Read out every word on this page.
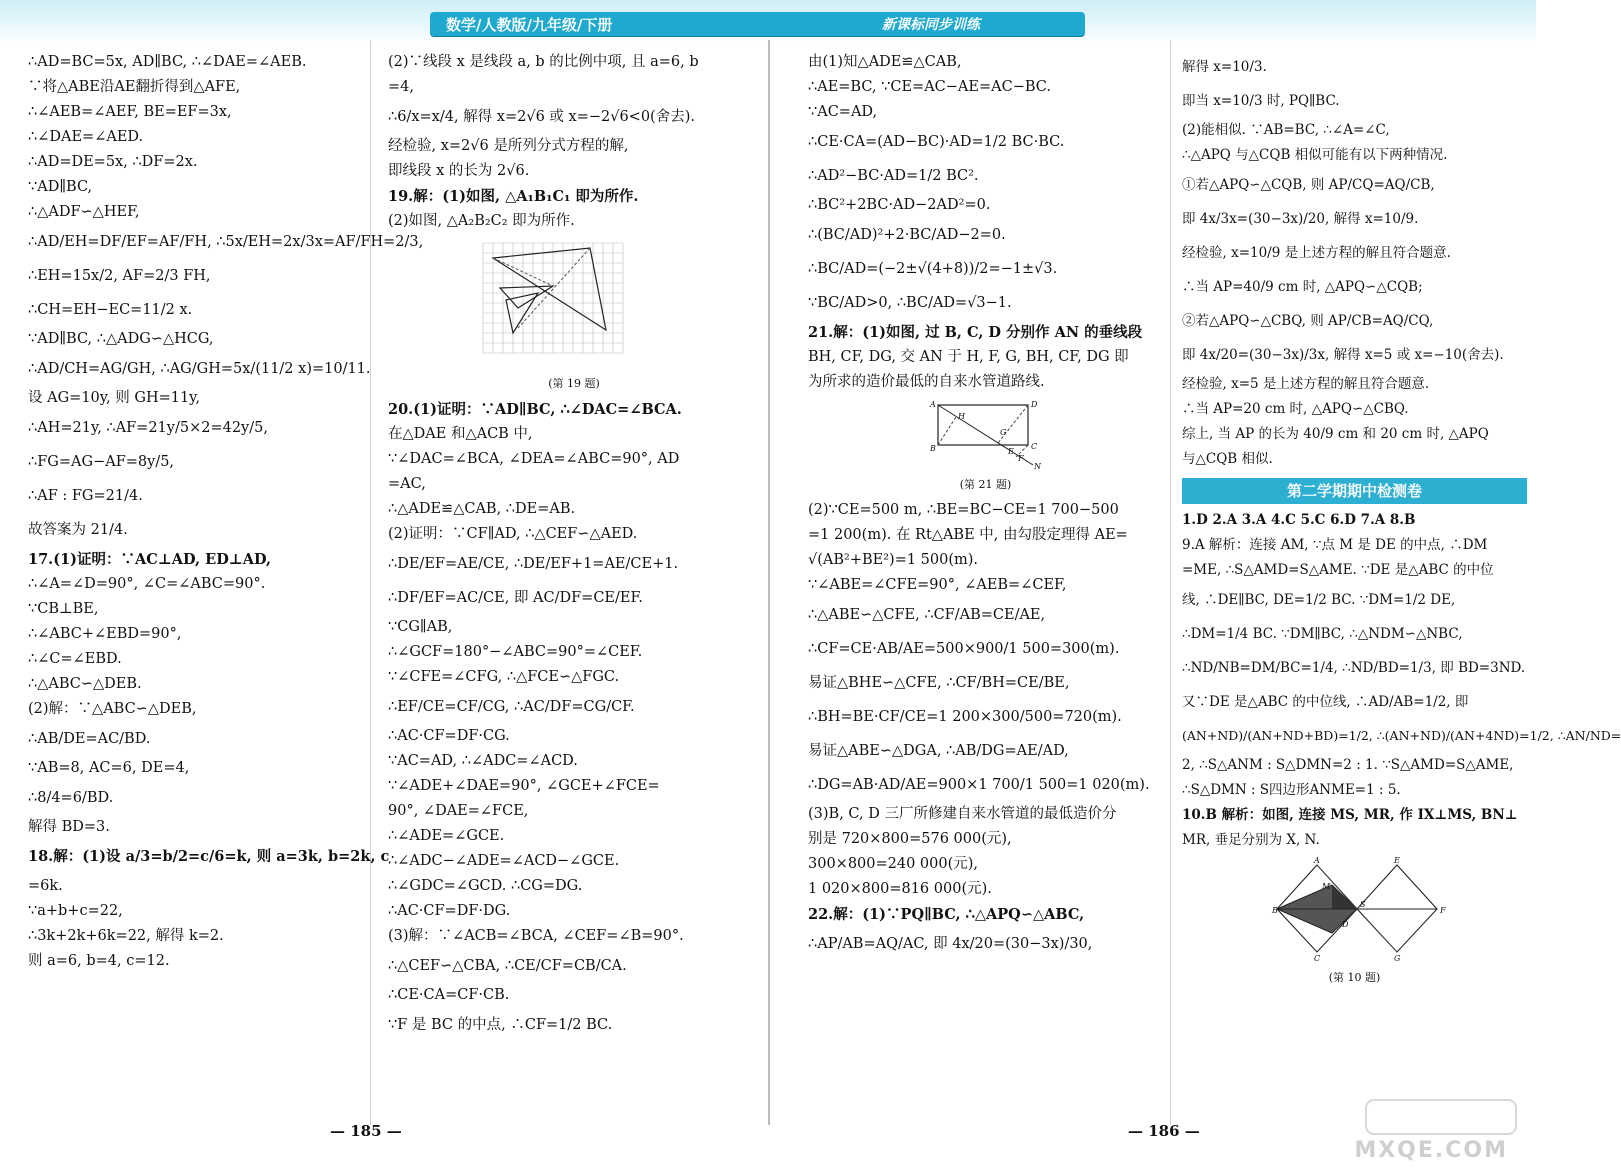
数学/人教版/九年级/下册	新课标同步训练

∴AD=BC=5x, AD∥BC, ∴∠DAE=∠AEB.

∵将△ABE沿AE翻折得到△AFE,

∴∠AEB=∠AEF, BE=EF=3x,

∴∠DAE=∠AED.

∴AD=DE=5x, ∴DF=2x.

∵AD∥BC,

∴△ADF∽△HEF,

∴AD/EH=DF/EF=AF/FH, ∴5x/EH=2x/3x=AF/FH=2/3,

∴EH=15x/2, AF=2/3 FH,

∴CH=EH−EC=11/2 x.

∵AD∥BC, ∴△ADG∽△HCG,

∴AD/CH=AG/GH, ∴AG/GH=5x/(11/2 x)=10/11.

设 AG=10y, 则 GH=11y,

∴AH=21y, ∴AF=21y/5×2=42y/5,

∴FG=AG−AF=8y/5,

∴AF : FG=21/4.

故答案为 21/4.

17.(1)证明：∵AC⊥AD, ED⊥AD,

∴∠A=∠D=90°, ∠C=∠ABC=90°.

∵CB⊥BE,

∴∠ABC+∠EBD=90°,

∴∠C=∠EBD.

∴△ABC∽△DEB.

(2)解：∵△ABC∽△DEB,

∴AB/DE=AC/BD.

∵AB=8, AC=6, DE=4,

∴8/4=6/BD.

解得 BD=3.

18.解：(1)设 a/3=b/2=c/6=k, 则 a=3k, b=2k, c

=6k.

∵a+b+c=22,

∴3k+2k+6k=22, 解得 k=2.

则 a=6, b=4, c=12.

(2)∵线段 x 是线段 a, b 的比例中项, 且 a=6, b

=4,

∴6/x=x/4, 解得 x=2√6 或 x=−2√6<0(舍去).

经检验, x=2√6 是所列分式方程的解,

即线段 x 的长为 2√6.

19.解：(1)如图, △A₁B₁C₁ 即为所作.

(2)如图, △A₂B₂C₂ 即为所作.

(第 19 题)

20.(1)证明：∵AD∥BC, ∴∠DAC=∠BCA.

在△DAE 和△ACB 中,

∵∠DAC=∠BCA, ∠DEA=∠ABC=90°, AD

=AC,

∴△ADE≌△CAB, ∴DE=AB.

(2)证明：∵CF∥AD, ∴△CEF∽△AED.

∴DE/EF=AE/CE, ∴DE/EF+1=AE/CE+1.

∴DF/EF=AC/CE, 即 AC/DF=CE/EF.

∵CG∥AB,

∴∠GCF=180°−∠ABC=90°=∠CEF.

∵∠CFE=∠CFG, ∴△FCE∽△FGC.

∴EF/CE=CF/CG, ∴AC/DF=CG/CF.

∴AC·CF=DF·CG.

∵AC=AD, ∴∠ADC=∠ACD.

∵∠ADE+∠DAE=90°, ∠GCE+∠FCE=

90°, ∠DAE=∠FCE,

∴∠ADE=∠GCE.

∴∠ADC−∠ADE=∠ACD−∠GCE.

∴∠GDC=∠GCD. ∴CG=DG.

∴AC·CF=DF·DG.

(3)解：∵∠ACB=∠BCA, ∠CEF=∠B=90°.

∴△CEF∽△CBA, ∴CE/CF=CB/CA.

∴CE·CA=CF·CB.

∵F 是 BC 的中点, ∴CF=1/2 BC.

由(1)知△ADE≌△CAB,

∴AE=BC, ∵CE=AC−AE=AC−BC.

∵AC=AD,

∴CE·CA=(AD−BC)·AD=1/2 BC·BC.

∴AD²−BC·AD=1/2 BC².

∴BC²+2BC·AD−2AD²=0.

∴(BC/AD)²+2·BC/AD−2=0.

∴BC/AD=(−2±√(4+8))/2=−1±√3.

∵BC/AD>0, ∴BC/AD=√3−1.

21.解：(1)如图, 过 B, C, D 分别作 AN 的垂线段

BH, CF, DG, 交 AN 于 H, F, G, BH, CF, DG 即

为所求的造价最低的自来水管道路线.

A	D
B	C
H
G
E
F
N
(第 21 题)

(2)∵CE=500 m, ∴BE=BC−CE=1 700−500

=1 200(m). 在 Rt△ABE 中, 由勾股定理得 AE=

√(AB²+BE²)=1 500(m).

∵∠ABE=∠CFE=90°, ∠AEB=∠CEF,

∴△ABE∽△CFE, ∴CF/AB=CE/AE,

∴CF=CE·AB/AE=500×900/1 500=300(m).

易证△BHE∽△CFE, ∴CF/BH=CE/BE,

∴BH=BE·CF/CE=1 200×300/500=720(m).

易证△ABE∽△DGA, ∴AB/DG=AE/AD,

∴DG=AB·AD/AE=900×1 700/1 500=1 020(m).

(3)B, C, D 三厂所修建自来水管道的最低造价分

别是 720×800=576 000(元),

300×800=240 000(元),

1 020×800=816 000(元).

22.解：(1)∵PQ∥BC, ∴△APQ∽△ABC,

∴AP/AB=AQ/AC, 即 4x/20=(30−3x)/30,

解得 x=10/3.

即当 x=10/3 时, PQ∥BC.

(2)能相似. ∵AB=BC, ∴∠A=∠C,

∴△APQ 与△CQB 相似可能有以下两种情况.

①若△APQ∽△CQB, 则 AP/CQ=AQ/CB,

即 4x/3x=(30−3x)/20, 解得 x=10/9.

经检验, x=10/9 是上述方程的解且符合题意.

∴当 AP=40/9 cm 时, △APQ∽△CQB;

②若△APQ∽△CBQ, 则 AP/CB=AQ/CQ,

即 4x/20=(30−3x)/3x, 解得 x=5 或 x=−10(舍去).

经检验, x=5 是上述方程的解且符合题意.

∴当 AP=20 cm 时, △APQ∽△CBQ.

综上, 当 AP 的长为 40/9 cm 和 20 cm 时, △APQ

与△CQB 相似.

第二学期期中检测卷

1.D 2.A 3.A 4.C 5.C 6.D 7.A 8.B

9.A 解析：连接 AM, ∵点 M 是 DE 的中点, ∴DM

=ME, ∴S△AMD=S△AME. ∵DE 是△ABC 的中位

线, ∴DE∥BC, DE=1/2 BC. ∵DM=1/2 DE,

∴DM=1/4 BC. ∵DM∥BC, ∴△NDM∽△NBC,

∴ND/NB=DM/BC=1/4, ∴ND/BD=1/3, 即 BD=3ND.

又∵DE 是△ABC 的中位线, ∴AD/AB=1/2, 即

(AN+ND)/(AN+ND+BD)=1/2, ∴(AN+ND)/(AN+4ND)=1/2, ∴AN/ND=

2, ∴S△ANM : S△DMN=2 : 1. ∵S△AMD=S△AME,

∴S△DMN : S四边形ANME=1 : 5.

10.B 解析：如图, 连接 MS, MR, 作 IX⊥MS, BN⊥

MR, 垂足分别为 X, N.

A	E
B	F
C	G
M
S
D
(第 10 题)
— 185 —	— 186 —
MXQE.COM
